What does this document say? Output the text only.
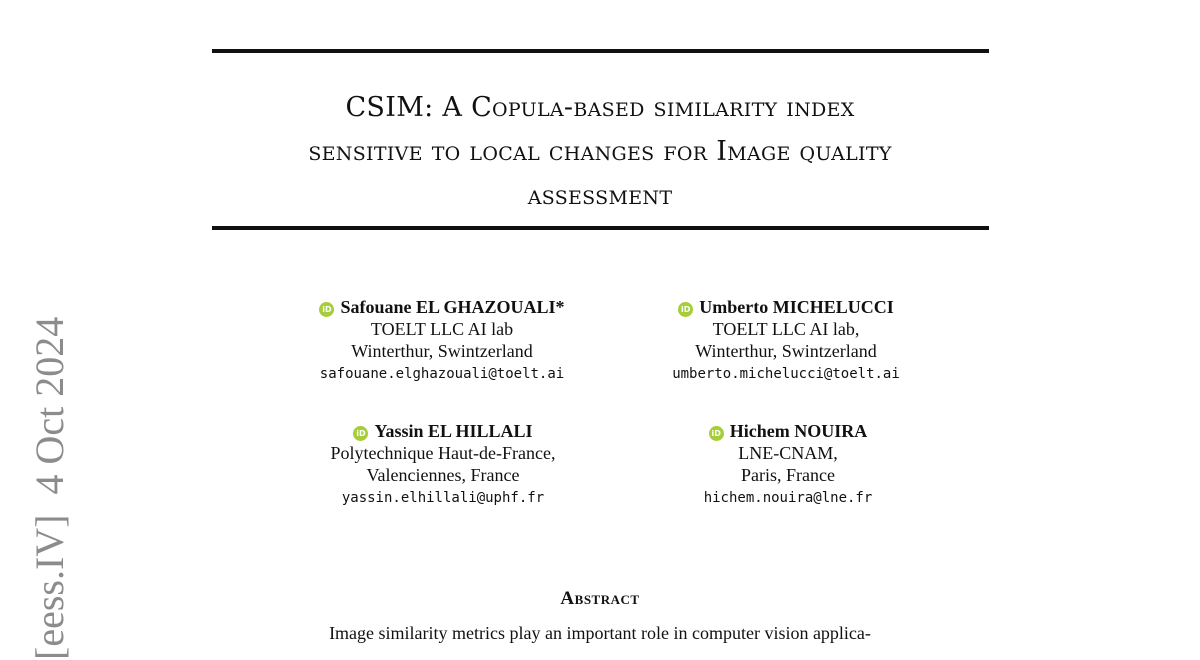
CSIM: A Copula-based similarity index
sensitive to local changes for Image quality
assessment
iD Safouane EL GHAZOUALI*
TOELT LLC AI lab
Winterthur, Swintzerland
safouane.elghazouali@toelt.ai
iD Umberto MICHELUCCI
TOELT LLC AI lab,
Winterthur, Swintzerland
umberto.michelucci@toelt.ai
iD Yassin EL HILLALI
Polytechnique Haut-de-France,
Valenciennes, France
yassin.elhillali@uphf.fr
iD Hichem NOUIRA
LNE-CNAM,
Paris, France
hichem.nouira@lne.fr
[eess.IV]  4 Oct 2024	Abstract
Image similarity metrics play an important role in computer vision applica-
